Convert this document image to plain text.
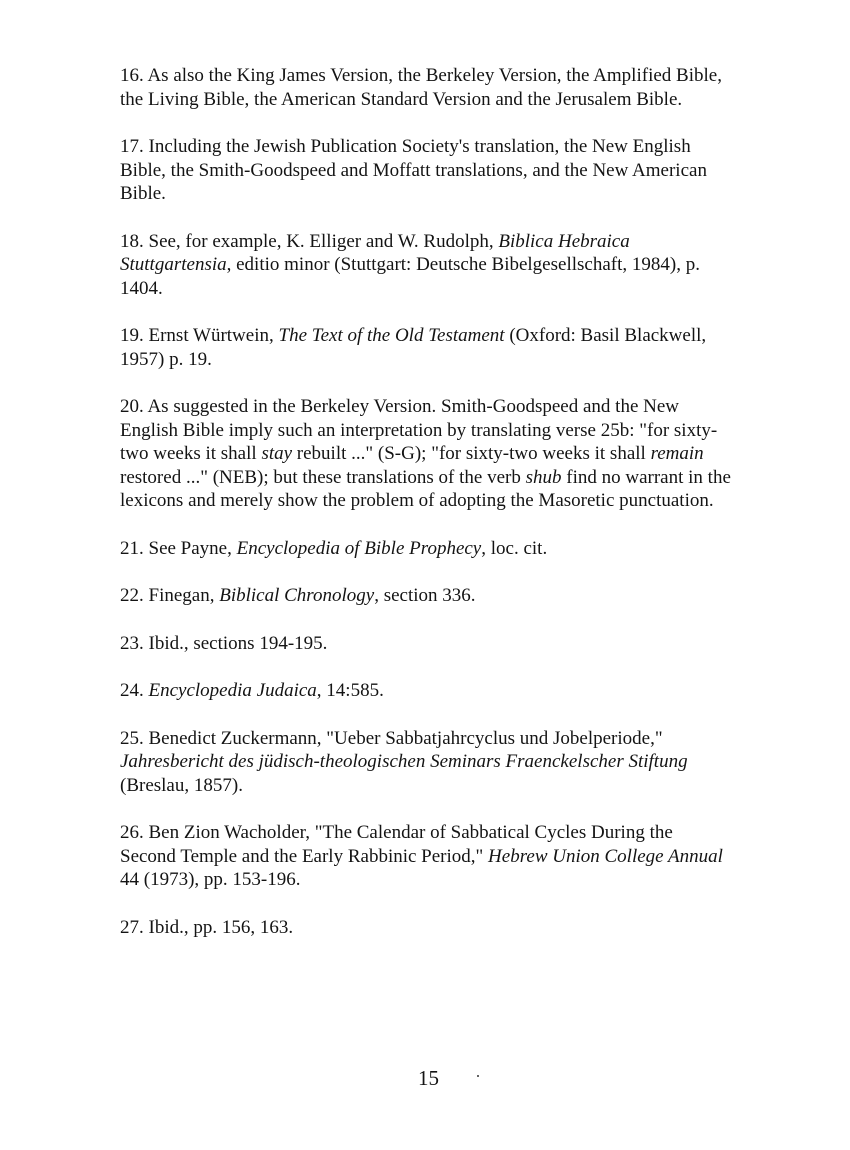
16. As also the King James Version, the Berkeley Version, the Amplified Bible, the Living Bible, the American Standard Version and the Jerusalem Bible.

17. Including the Jewish Publication Society's translation, the New English Bible, the Smith-Goodspeed and Moffatt translations, and the New American Bible.

18. See, for example, K. Elliger and W. Rudolph, Biblica Hebraica Stuttgartensia, editio minor (Stuttgart: Deutsche Bibelgesellschaft, 1984), p. 1404.

19. Ernst Würtwein, The Text of the Old Testament (Oxford: Basil Blackwell, 1957) p. 19.

20. As suggested in the Berkeley Version. Smith-Goodspeed and the New English Bible imply such an interpretation by translating verse 25b: "for sixty-two weeks it shall stay rebuilt ..." (S-G); "for sixty-two weeks it shall remain restored ..." (NEB); but these translations of the verb shub find no warrant in the lexicons and merely show the problem of adopting the Masoretic punctuation.

21. See Payne, Encyclopedia of Bible Prophecy, loc. cit.

22. Finegan, Biblical Chronology, section 336.

23. Ibid., sections 194-195.

24. Encyclopedia Judaica, 14:585.

25. Benedict Zuckermann, "Ueber Sabbatjahrcyclus und Jobelperiode," Jahresbericht des jüdisch-theologischen Seminars Fraenckelscher Stiftung (Breslau, 1857).

26. Ben Zion Wacholder, "The Calendar of Sabbatical Cycles During the Second Temple and the Early Rabbinic Period," Hebrew Union College Annual 44 (1973), pp. 153-196.

27. Ibid., pp. 156, 163.

15
